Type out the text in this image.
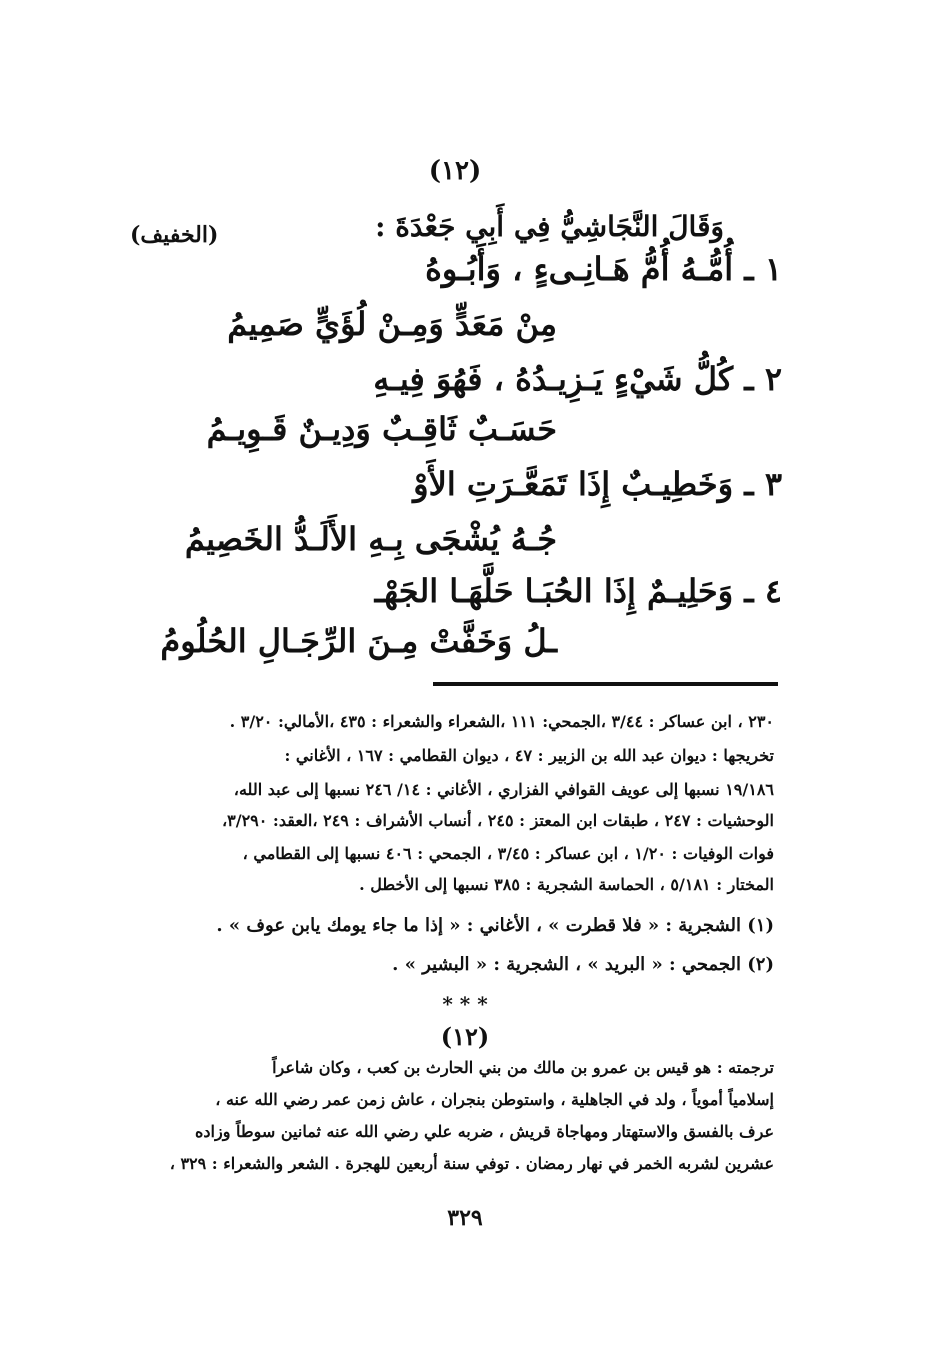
(١٢)
(الخفيف)	وَقَالَ النَّجَاشِيُّ فِي أَبِي جَعْدَةَ :
١ ـ أُمُّـهُ أُمُّ هَـانِـىءٍ ، وَأَبُـوهُ
مِنْ مَعَدٍّ وَمِـنْ لُؤَيٍّ صَمِيمُ
٢ ـ كُلُّ شَيْءٍ يَـزِيـدُهُ ، فَهُوَ فِيـهِ
حَسَـبٌ ثَاقِـبٌ وَدِيـنٌ قَـوِيـمُ
٣ ـ وَخَطِيـبٌ إِذَا تَمَعَّـرَتِ الأَوْ
جُـهُ يُشْجَى بِـهِ الأَلَـدُّ الخَصِيمُ
٤ ـ وَحَلِيـمٌ إِذَا الحُبَـا حَلَّهَـا الجَهْـ
ـلُ وَخَفَّتْ مِـنَ الرِّجَـالِ الحُلُومُ
٢٣٠ ، ابن عساكر : ٣/٤٤ ،الجمحي: ١١١ ،الشعراء والشعراء : ٤٣٥ ،الأمالي: ٣/٢٠ .
تخريجها : ديوان عبد الله بن الزبير : ٤٧ ، ديوان القطامي : ١٦٧ ، الأغاني :
١٩/١٨٦ نسبها إلى عويف القوافي الفزاري ، الأغاني : ١٤/ ٢٤٦ نسبها إلى عبد الله،
الوحشيات : ٢٤٧ ، طبقات ابن المعتز : ٢٤٥ ، أنساب الأشراف : ٢٤٩ ،العقد: ٣/٢٩٠،
فوات الوفيات : ١/٢٠ ، ابن عساكر : ٣/٤٥ ، الجمحي : ٤٠٦ نسبها إلى القطامي ،
المختار : ٥/١٨١ ، الحماسة الشجرية : ٣٨٥ نسبها إلى الأخطل .
(١) الشجرية : « فلا قطرت » ، الأغاني : « إذا ما جاء يومك يابن عوف » .
(٢) الجمحي : « البريد » ، الشجرية : « البشير » .
* * *
(١٢)
ترجمته : هو قيس بن عمرو بن مالك من بني الحارث بن كعب ، وكان شاعراً
إسلامياً أموياً ، ولد في الجاهلية ، واستوطن بنجران ، عاش زمن عمر رضي الله عنه ،
عرف بالفسق والاستهتار ومهاجاة قريش ، ضربه علي رضي الله عنه ثمانين سوطاً وزاده
عشرين لشربه الخمر في نهار رمضان . توفي سنة أربعين للهجرة . الشعر والشعراء : ٣٢٩ ،
٣٢٩
